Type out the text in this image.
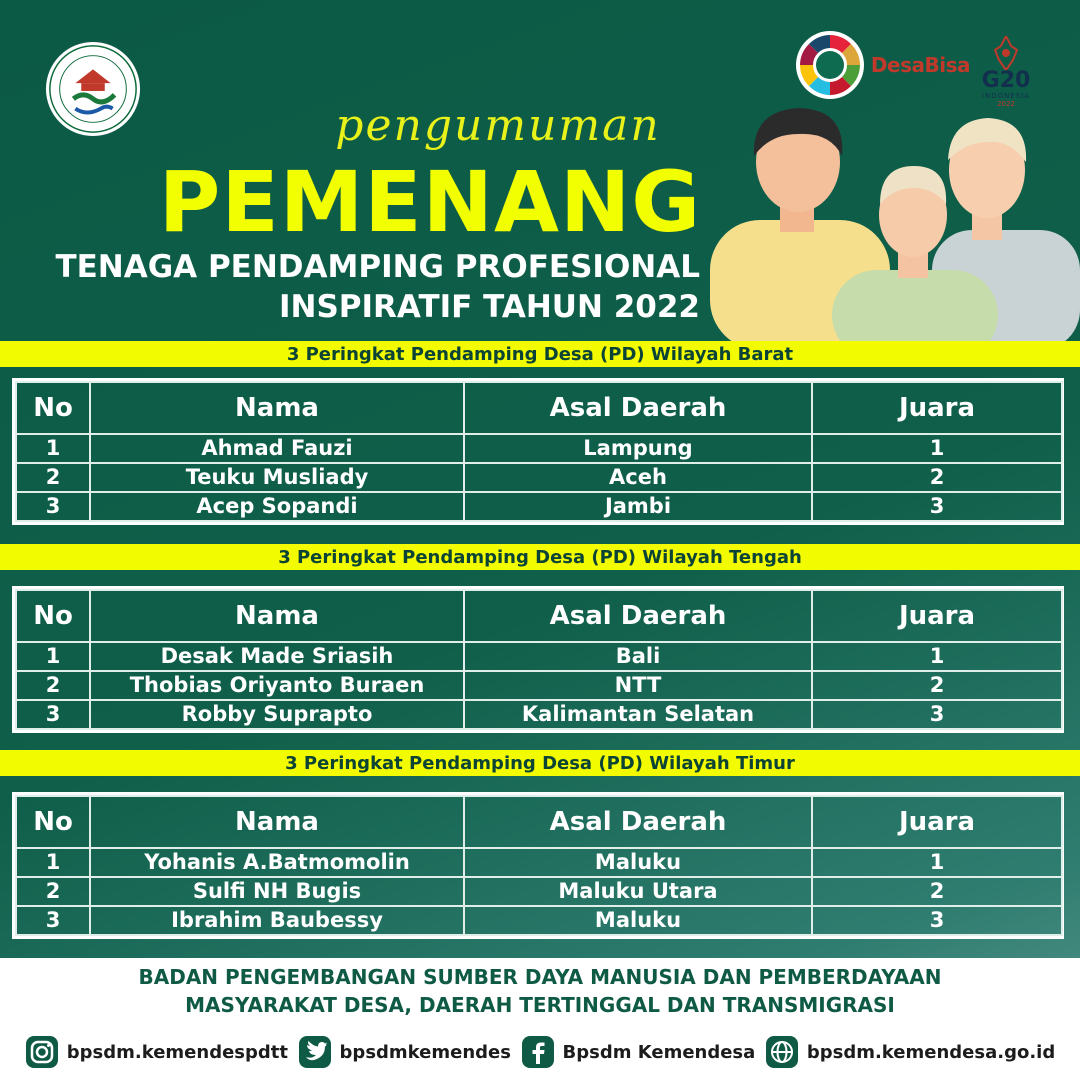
DesaBisa
G20
INDONESIA
2022
pengumuman
PEMENANG
TENAGA PENDAMPING PROFESIONAL
INSPIRATIF TAHUN 2022
3 Peringkat Pendamping Desa (PD) Wilayah Barat
No	Nama	Asal Daerah	Juara
1	Ahmad Fauzi	Lampung	1
2	Teuku Musliady	Aceh	2
3	Acep Sopandi	Jambi	3
3 Peringkat Pendamping Desa (PD) Wilayah Tengah
No	Nama	Asal Daerah	Juara
1	Desak Made Sriasih	Bali	1
2	Thobias Oriyanto Buraen	NTT	2
3	Robby Suprapto	Kalimantan Selatan	3
3 Peringkat Pendamping Desa (PD) Wilayah Timur
No	Nama	Asal Daerah	Juara
1	Yohanis A.Batmomolin	Maluku	1
2	Sulfi NH Bugis	Maluku Utara	2
3	Ibrahim Baubessy	Maluku	3
BADAN PENGEMBANGAN SUMBER DAYA MANUSIA DAN PEMBERDAYAAN
MASYARAKAT DESA, DAERAH TERTINGGAL DAN TRANSMIGRASI
bpsdm.kemendespdtt	bpsdmkemendes	Bpsdm Kemendesa	bpsdm.kemendesa.go.id
